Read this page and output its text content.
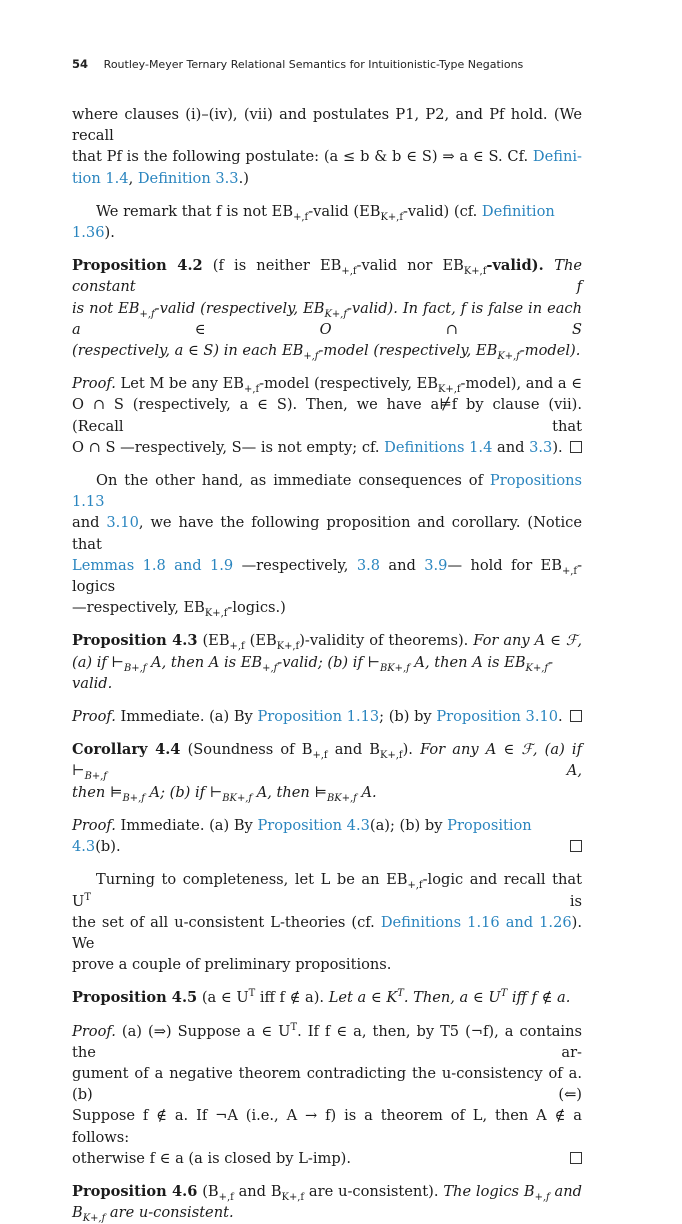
54 Routley-Meyer Ternary Relational Semantics for Intuitionistic-Type Negations

where clauses (i)–(iv), (vii) and postulates P1, P2, and Pf hold. (We recall

that Pf is the following postulate: (a ≤ b & b ∈ S) ⇒ a ∈ S. Cf. Defini-

tion 1.4, Definition 3.3.)

We remark that f is not $EB_{+,f}$-valid $(EB_{K+,f}-valid)$ (cf. Definition 1.36).

Proposition 4.2 (f is neither $EB_{+,f}$-valid nor $EB_{K+,f}-valid$). The constant f

is not $EB_{+,f}$-valid (respectively, $EB_{K+,f}-valid$). In fact, f is false in each a ∈ O ∩ S

(respectively, a ∈ S) in each $EB_{+,f}$-model (respectively, $EB_{K+,f}-model$).

Proof. Let M be any $EB_{+,f}$-model (respectively, $EB_{K+,f}-model$), and a ∈

O ∩ S (respectively, a ∈ S). Then, we have a⊭f by clause (vii). (Recall that

O ∩ S —respectively, S— is not empty; cf. Definitions 1.4 and 3.3).

On the other hand, as immediate consequences of Propositions 1.13

and 3.10, we have the following proposition and corollary. (Notice that

Lemmas 1.8 and 1.9 —respectively, 3.8 and 3.9— hold for $EB_{+,f}$-logics

—respectively, $EB_{K+,f}-logics$.)

Proposition 4.3 ($EB_{+,f}$ $(EB_{K+,f})$-validity of theorems). For any A ∈ ℱ,

(a) if $⊢_{B+,f}$ A, then A is $EB_{+,f}$-valid; (b) if $⊢_{BK+,f}$ A, then A is $EB_{K+,f}$-valid.

Proof. Immediate. (a) By Proposition 1.13; (b) by Proposition 3.10.

Corollary 4.4 (Soundness of $B_{+,f}$ and $B_{K+,f}$). For any A ∈ ℱ, (a) if $⊢_{B+,f}$ A,

then $⊨_{B+,f}$ A; (b) if $⊢_{BK+,f}$ A, then $⊨_{BK+,f}$ A.

Proof. Immediate. (a) By Proposition 4.3(a); (b) by Proposition 4.3(b).

Turning to completeness, let L be an $EB_{+,f}$-logic and recall that $U^T$ is

the set of all u-consistent L-theories (cf. Definitions 1.16 and 1.26). We

prove a couple of preliminary propositions.

Proposition 4.5 (a ∈ $U^T$ iff f ∉ a). Let a ∈ $K^T$. Then, a ∈ $U^T$ iff f ∉ a.

Proof. (a) (⇒) Suppose a ∈ $U^T$. If f ∈ a, then, by T5 (¬f), a contains the ar-

gument of a negative theorem contradicting the u-consistency of a. (b) (⇐)

Suppose f ∉ a. If ¬A (i.e., A → f) is a theorem of L, then A ∉ a follows:

otherwise f ∈ a (a is closed by L-imp).

Proposition 4.6 ($B_{+,f}$ and $B_{K+,f}$ are u-consistent). The logics $B_{+,f}$ and

$B_{K+,f}$ are u-consistent.
